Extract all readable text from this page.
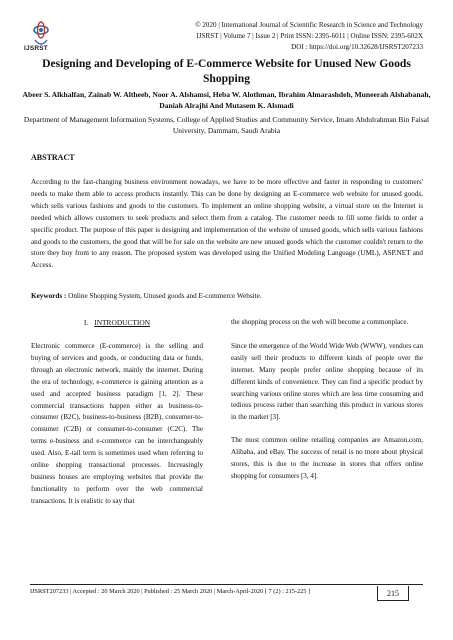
IJSRST
© 2020 | International Journal of Scientific Research in Science and Technology
IJSRST | Volume 7 | Issue 2 | Print ISSN: 2395-6011 | Online ISSN: 2395-602X
DOI : https://doi.org/10.32628/IJSRST207233
Designing and Developing of E-Commerce Website for Unused New Goods Shopping
Abeer S. Alkhalfan, Zainab W. Altheeb, Noor A. Alshamsi, Heba W. Alothman, Ibrahim Almarashdeh, Muneerah Alshabanah, Daniah Alrajhi And Mutasem K. Alsmadi
Department of Management Information Systems, College of Applied Studies and Community Service, Imam Abdulrahman Bin Faisal University, Dammam, Saudi Arabia
ABSTRACT
According to the fast-changing business environment nowadays, we have to be more effective and faster in responding to customers' needs to make them able to access products instantly. This can be done by designing an E-commerce web website for unused goods, which sells various fashions and goods to the customers. To implement an online shopping website, a virtual store on the Internet is needed which allows customers to seek products and select them from a catalog. The customer needs to fill some fields to order a specific product. The purpose of this paper is designing and implementation of the website of unused goods, which sells various fashions and goods to the customers, the good that will be for sale on the website are new unused goods which the customer couldn't return to the store they buy from to any reason. The proposed system was developed using the Unified Modeling Language (UML), ASP.NET and Access.
Keywords : Online Shopping System, Unused goods and E-commerce Website.
I. INTRODUCTION

Electronic commerce (E-commerce) is the selling and buying of services and goods, or conducting data or funds, through an electronic network, mainly the internet. During the era of technology, e-commerce is gaining attention as a used and accepted business paradigm [1, 2]. These commercial transactions happen either as business-to-consumer (B2C), business-to-business (B2B), consumer-to-consumer (C2B) or consumer-to-consumer (C2C). The terms e-business and e-commerce can be interchangeably used. Also, E-tail term is sometimes used when referring to online shopping transactional processes. Increasingly business houses are employing websites that provide the functionality to perform over the web commercial transactions. It is realistic to say that

the shopping process on the web will become a commonplace.

Since the emergence of the World Wide Web (WWW), vendors can easily sell their products to different kinds of people over the internet. Many people prefer online shopping because of its different kinds of convenience. They can find a specific product by searching various online stores which are less time consuming and tedious process rather than searching this product in various stores in the market [3].

The most common online retailing companies are Amazon.com, Alibaba, and eBay. The success of retail is no more about physical stores, this is due to the increase in stores that offers online shopping for consumers [3, 4].

IJSRST207233 | Accepted : 20 March 2020 | Published : 25 March 2020 | March-April-2020 [ 7 (2) : 215-225 ]	215
